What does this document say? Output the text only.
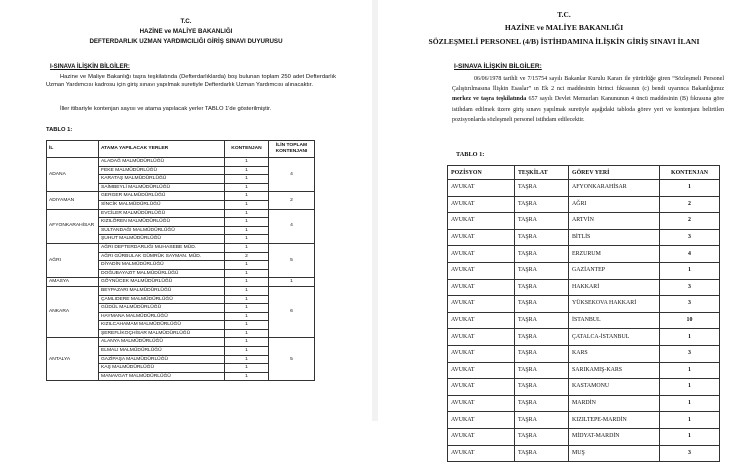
T.C.
HAZİNE ve MALİYE BAKANLIĞI
DEFTERDARLIK UZMAN YARDIMCILIĞI GİRİŞ SINAVI DUYURUSU
I-SINAVA İLİŞKİN BİLGİLER:
Hazine ve Maliye Bakanlığı taşra teşkilatında (Defterdarlıklarda) boş bulunan toplam 250 adet Defterdarlık Uzman Yardımcısı kadrosu için giriş sınavı yapılmak suretiyle Defterdarlık Uzman Yardımcısı alınacaktır.
İller itibariyle kontenjan sayısı ve atama yapılacak yerler TABLO 1'de gösterilmiştir.
TABLO 1:
İL	ATAMA YAPILACAK YERLER	KONTENJAN	İLİN TOPLAM KONTENJANI
ADANA	ALADAĞ MALMÜDÜRLÜĞÜ	1	4
	FEKE MALMÜDÜRLÜĞÜ	1	
	KARATAŞ MALMÜDÜRLÜĞÜ	1	
	SAİMBEYLİ MALMÜDÜRLÜĞÜ	1	
ADIYAMAN	GERGER MALMÜDÜRLÜĞÜ	1	2
	SİNCİK MALMÜDÜRLÜĞÜ	1	
AFYONKARAHİSAR	EVCİLER MALMÜDÜRLÜĞÜ	1	4
	KIZILÖREN MALMÜDÜRLÜĞÜ	1	
	SULTANDAĞI MALMÜDÜRLÜĞÜ	1	
	ŞUHUT MALMÜDÜRLÜĞÜ	1	
AĞRI	AĞRI DEFTERDARLIĞI MUHASEBE MÜD.	1	5
	AĞRI GÜRBULAK GÜMRÜK SAYMAN. MÜD.	2	
	DİYADİN MALMÜDÜRLÜĞÜ	1	
	DOĞUBAYAZIT MALMÜDÜRLÜĞÜ	1	
AMASYA	GÖYNÜCEK MALMÜDÜRLÜĞÜ	1	1
ANKARA	BEYPAZARI MALMÜDÜRLÜĞÜ	1	6
	ÇAMLIDERE MALMÜDÜRLÜĞÜ	1	
	GÜDÜL MALMÜDÜRLÜĞÜ	1	
	HAYMANA MALMÜDÜRLÜĞÜ	1	
	KIZILCAHAMAM MALMÜDÜRLÜĞÜ	1	
	ŞEREFLİKOÇHİSAR MALMÜDÜRLÜĞÜ	1	
ANTALYA	ALANYA MALMÜDÜRLÜĞÜ	1	5
	ELMALI MALMÜDÜRLÜĞÜ	1	
	GAZİPAŞA MALMÜDÜRLÜĞÜ	1	
	KAŞ MALMÜDÜRLÜĞÜ	1	
	MANAVGAT MALMÜDÜRLÜĞÜ	1	
T.C.
HAZİNE ve MALİYE BAKANLIĞI
SÖZLEŞMELİ PERSONEL (4/B) İSTİHDAMINA İLİŞKİN GİRİŞ SINAVI İLANI
I-SINAVA İLİŞKİN BİLGİLER:
06/06/1978 tarihli ve 7/15754 sayılı Bakanlar Kurulu Kararı ile yürürlüğe giren “Sözleşmeli Personel Çalıştırılmasına İlişkin Esaslar” ın Ek 2 nci maddesinin birinci fıkrasının (c) bendi uyarınca Bakanlığımız merkez ve taşra teşkilatında 657 sayılı Devlet Memurları Kanununun 4 üncü maddesinin (B) fıkrasına göre istihdam edilmek üzere giriş sınavı yapılmak suretiyle aşağıdaki tabloda görev yeri ve kontenjanı belirtilen pozisyonlarda sözleşmeli personel istihdam edilecektir.
TABLO 1:
POZİSYON	TEŞKİLAT	GÖREV YERİ	KONTENJAN
AVUKAT	TAŞRA	AFYONKARAHİSAR	1
AVUKAT	TAŞRA	AĞRI	2
AVUKAT	TAŞRA	ARTVİN	2
AVUKAT	TAŞRA	BİTLİS	3
AVUKAT	TAŞRA	ERZURUM	4
AVUKAT	TAŞRA	GAZİANTEP	1
AVUKAT	TAŞRA	HAKKARİ	3
AVUKAT	TAŞRA	YÜKSEKOVA HAKKARİ	3
AVUKAT	TAŞRA	İSTANBUL	10
AVUKAT	TAŞRA	ÇATALCA-İSTANBUL	1
AVUKAT	TAŞRA	KARS	3
AVUKAT	TAŞRA	SARIKAMIŞ-KARS	1
AVUKAT	TAŞRA	KASTAMONU	1
AVUKAT	TAŞRA	MARDİN	1
AVUKAT	TAŞRA	KIZILTEPE-MARDİN	1
AVUKAT	TAŞRA	MİDYAT-MARDİN	1
AVUKAT	TAŞRA	MUŞ	3
